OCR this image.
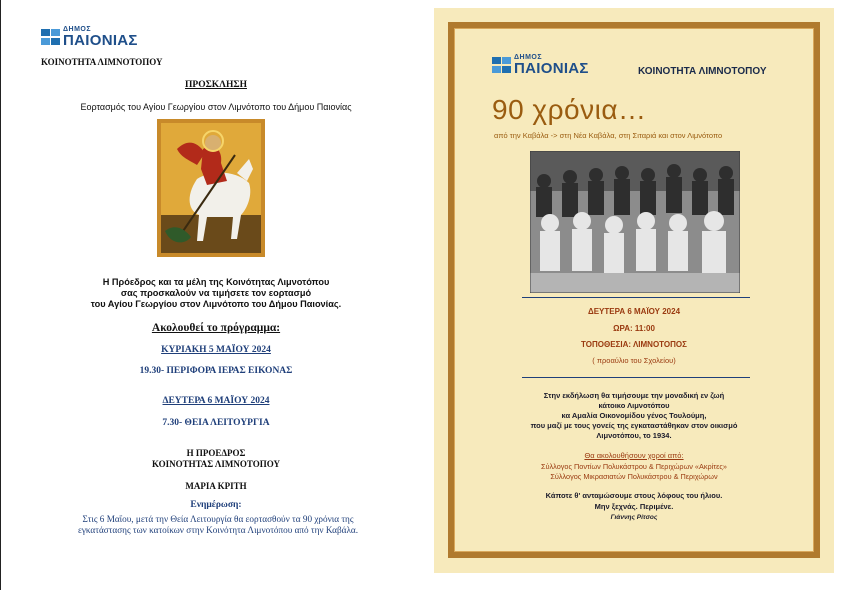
ΔΗΜΟΣ
ΠΑΙΟΝΙΑΣ
ΚΟΙΝΟΤΗΤΑ ΛΙΜΝΟΤΟΠΟΥ
ΠΡΟΣΚΛΗΣΗ
Εορτασμός του Αγίου Γεωργίου στον Λιμνότοπο του Δήμου Παιονίας
Η Πρόεδρος και τα μέλη της Κοινότητας Λιμνοτόπου
σας προσκαλούν να τιμήσετε τον εορτασμό
του Αγίου Γεωργίου στον Λιμνότοπο του Δήμου Παιονίας.
Ακολουθεί το πρόγραμμα:
ΚΥΡΙΑΚΗ 5 ΜΑΪΟΥ 2024
19.30- ΠΕΡΙΦΟΡΑ ΙΕΡΑΣ ΕΙΚΟΝΑΣ
ΔΕΥΤΕΡΑ 6 ΜΑΪΟΥ 2024
7.30- ΘΕΙΑ ΛΕΙΤΟΥΡΓΙΑ
Η ΠΡΟΕΔΡΟΣ
ΚΟΙΝΟΤΗΤΑΣ ΛΙΜΝΟΤΟΠΟΥ
ΜΑΡΙΑ ΚΡΙΤΗ
Ενημέρωση:
Στις 6 Μαΐου, μετά την Θεία Λειτουργία θα εορτασθούν τα 90 χρόνια της
εγκατάστασης των κατοίκων στην Κοινότητα Λιμνοτόπου από την Καβάλα.
ΔΗΜΟΣ
ΠΑΙΟΝΙΑΣ	ΚΟΙΝΟΤΗΤΑ ΛΙΜΝΟΤΟΠΟΥ
90 χρόνια…
από την Καβάλα -> στη Νέα Καβάλα, στη Σιταριά και στον Λιμνότοπο
ΔΕΥΤΕΡΑ 6 ΜΑΪΟΥ 2024
ΩΡΑ: 11:00
ΤΟΠΟΘΕΣΙΑ: ΛΙΜΝΟΤΟΠΟΣ
( προαύλιο του Σχολείου)
Στην εκδήλωση θα τιμήσουμε την μοναδική εν ζωή
κάτοικο Λιμνοτόπου
κα Αμαλία Οικονομίδου γένος Τουλούμη,
που μαζί με τους γονείς της εγκαταστάθηκαν στον οικισμό
Λιμνοτόπου, το 1934.
Θα ακολουθήσουν χοροί από:
Σύλλογος Ποντίων Πολυκάστρου & Περιχώρων «Ακρίτες»
Σύλλογος Μικρασιατών Πολυκάστρου & Περιχώρων
Κάποτε θ' ανταμώσουμε στους λόφους του ήλιου.
Μην ξεχνάς. Περιμένε.
Γιάννης Ρίτσος
